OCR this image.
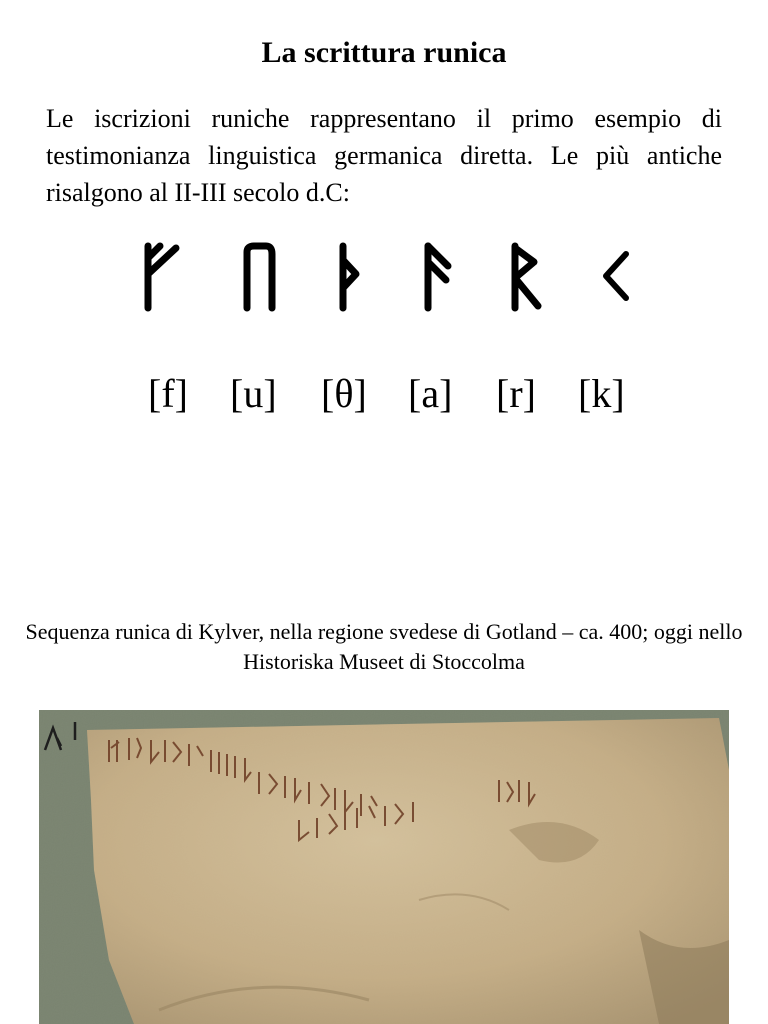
La scrittura runica
Le iscrizioni runiche rappresentano il primo esempio di testimonianza linguistica germanica diretta. Le più antiche risalgono al II-III secolo d.C:
[f] [u] [θ] [a] [r] [k]
Sequenza runica di Kylver, nella regione svedese di Gotland – ca. 400; oggi nello Historiska Museet di Stoccolma
